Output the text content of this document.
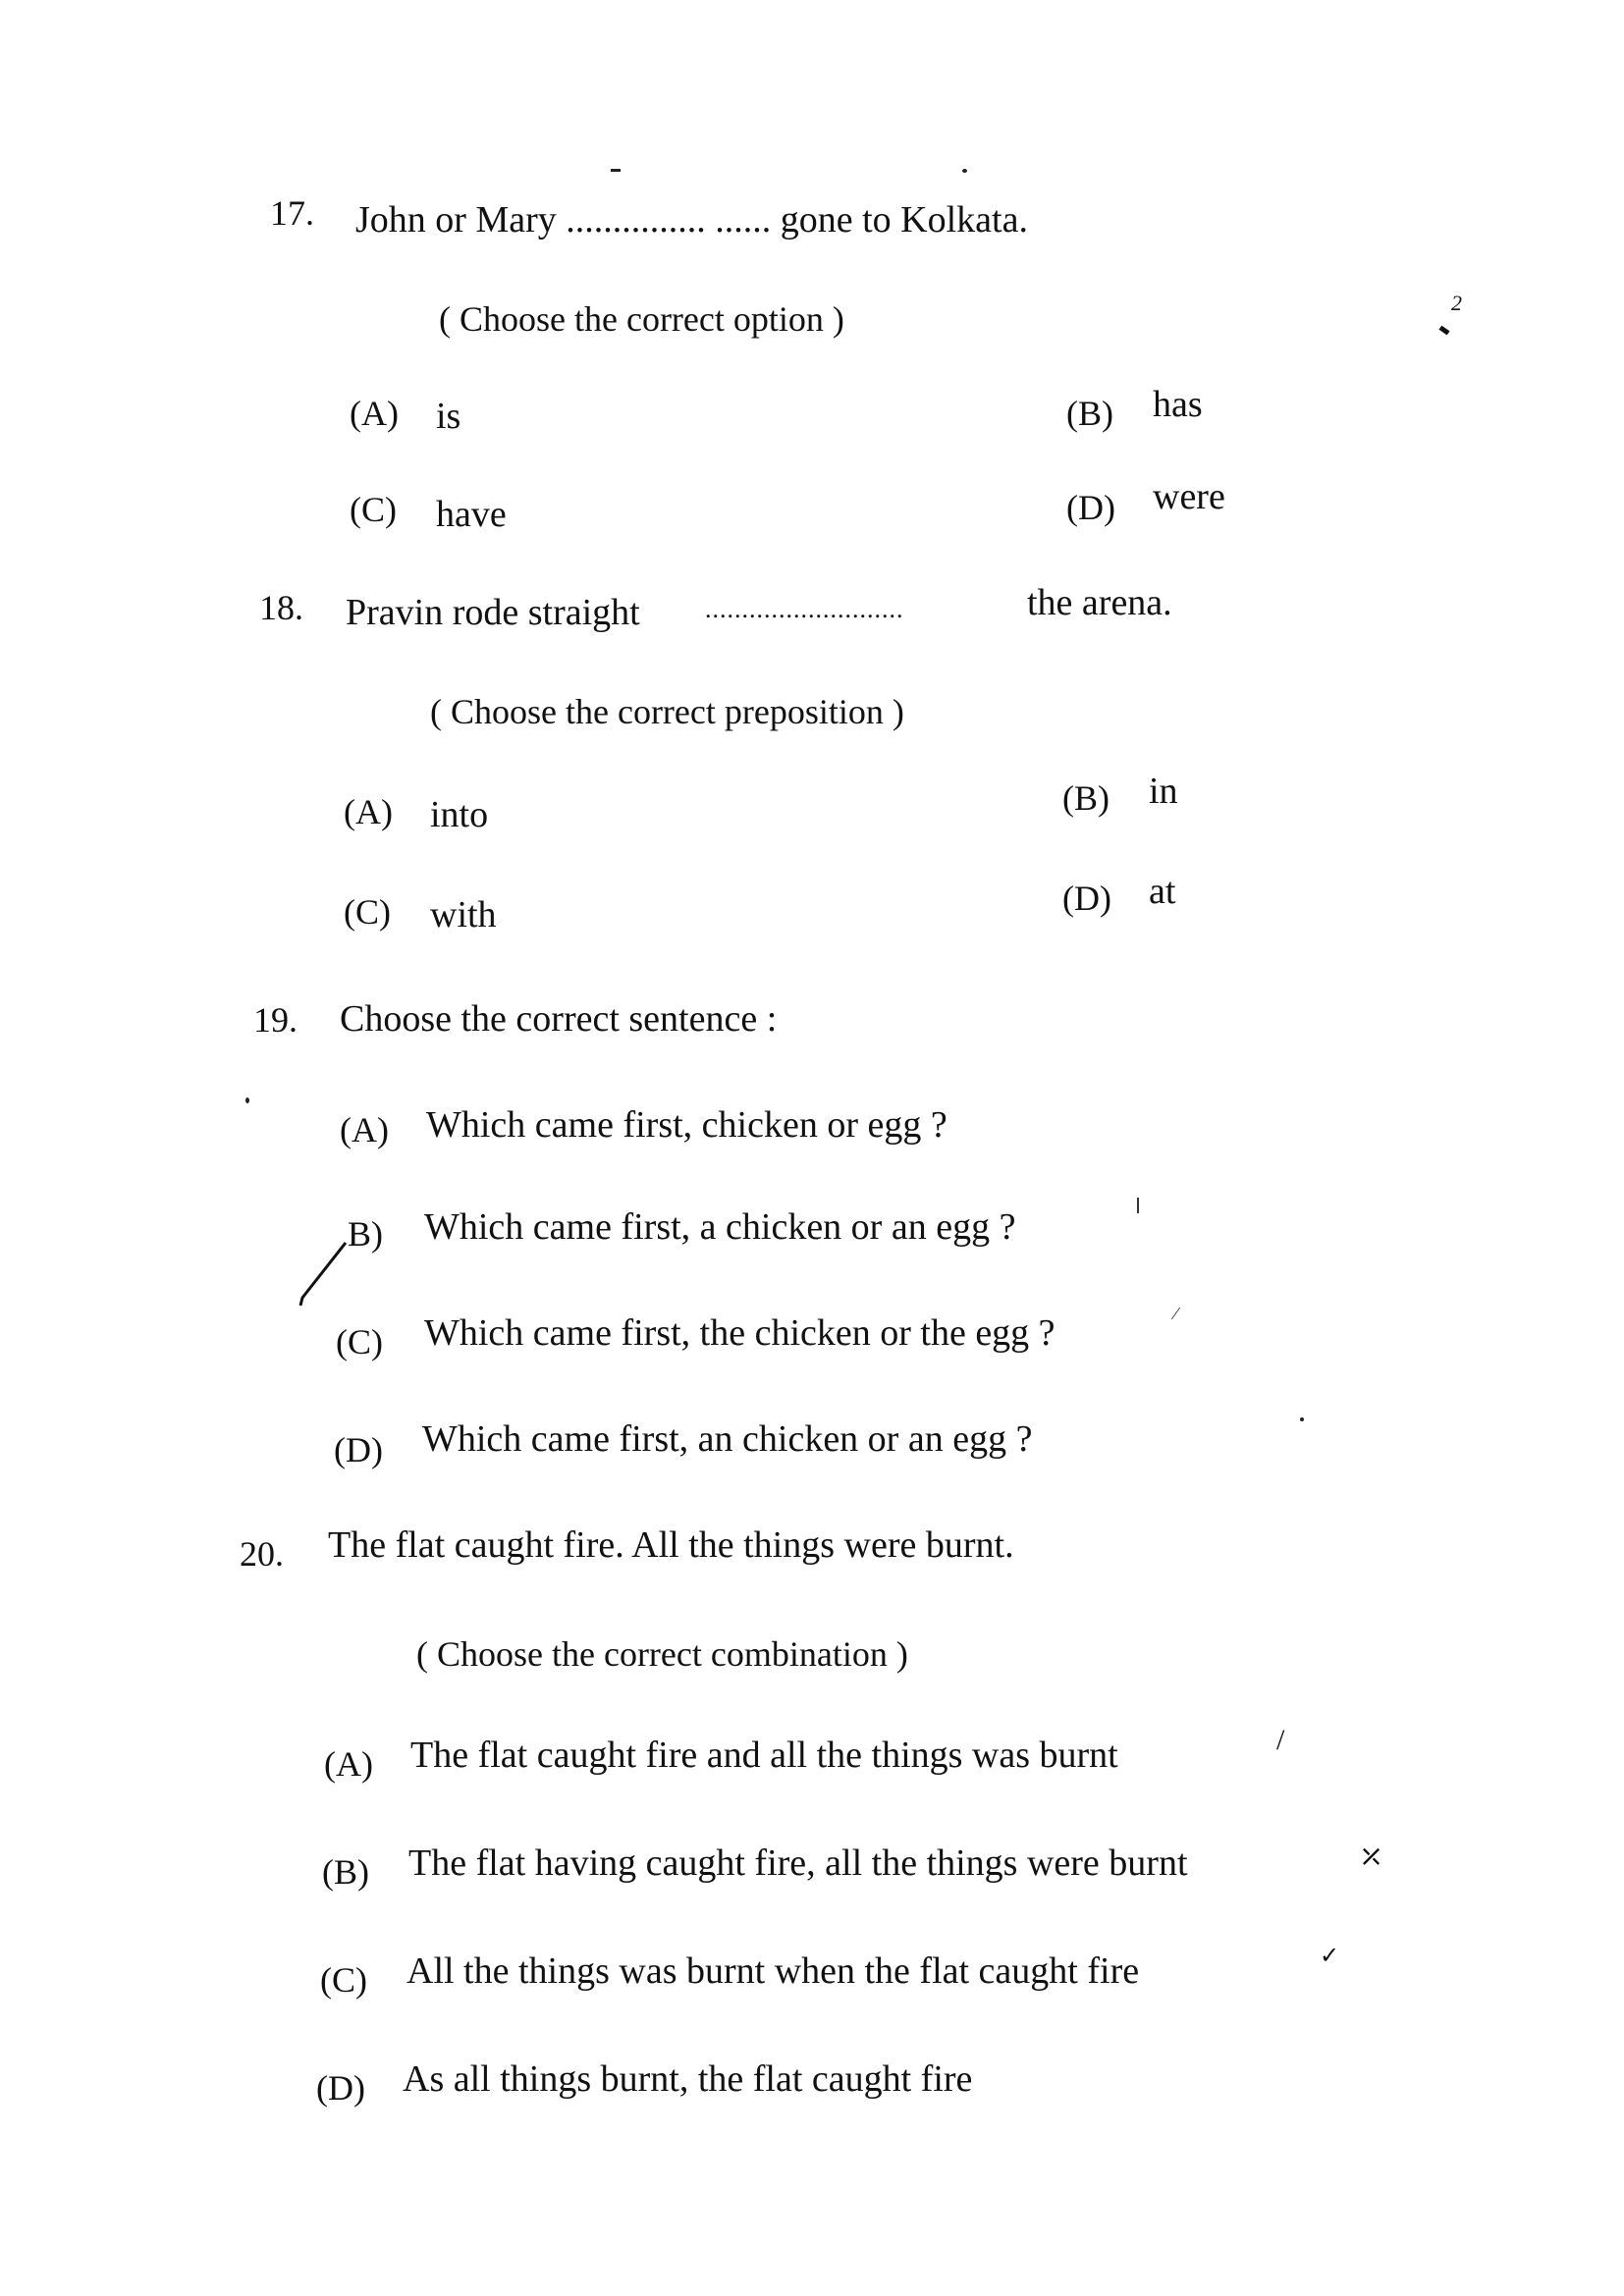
2
17. John or Mary ............... ...... gone to Kolkata.
( Choose the correct option )
(A) is	(B) has
(C) have	(D) were
18. Pravin rode straight	...........................	the arena.
( Choose the correct preposition )
(A) into	(B) in
(C) with	(D) at
19. Choose the correct sentence :
(A) Which came first, chicken or egg ?
B) Which came first, a chicken or an egg ?
(C) Which came first, the chicken or the egg ?	⁄
(D) Which came first, an chicken or an egg ?
20. The flat caught fire. All the things were burnt.
( Choose the correct combination )
(A) The flat caught fire and all the things was burnt	/
(B) The flat having caught fire, all the things were burnt	⤫
(C) All the things was burnt when the flat caught fire	✓
(D) As all things burnt, the flat caught fire
